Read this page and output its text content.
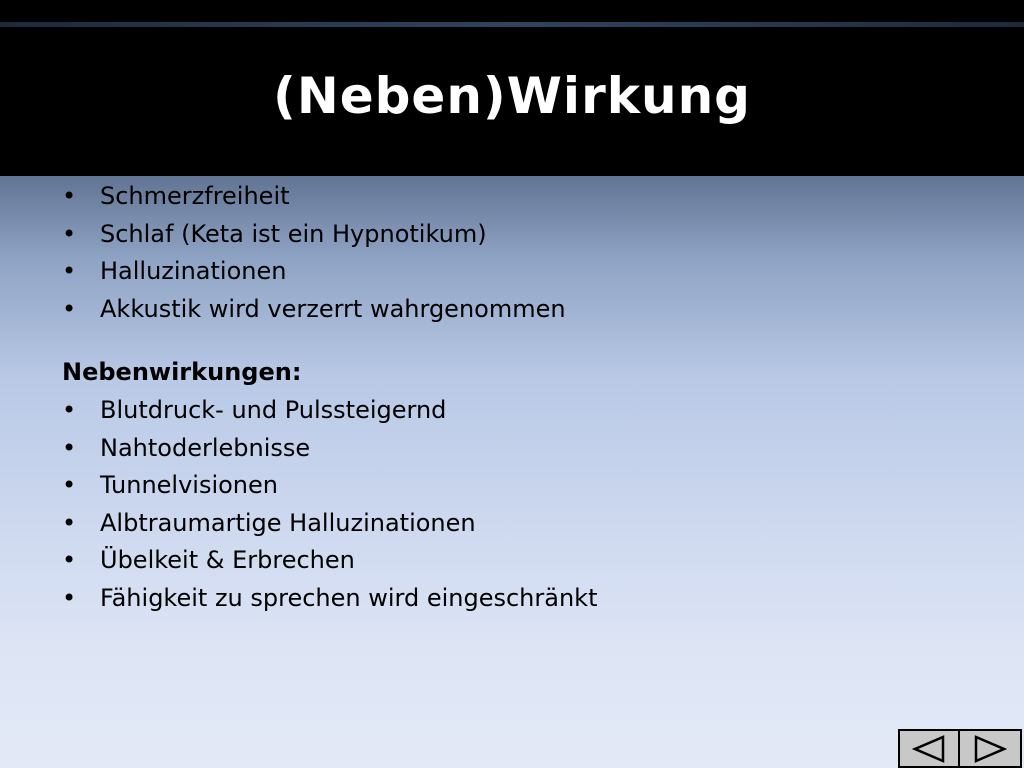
(Neben)Wirkung
• Schmerzfreiheit
• Schlaf (Keta ist ein Hypnotikum)
• Halluzinationen
• Akkustik wird verzerrt wahrgenommen
Nebenwirkungen:
• Blutdruck- und Pulssteigernd
• Nahtoderlebnisse
• Tunnelvisionen
• Albtraumartige Halluzinationen
• Übelkeit & Erbrechen
• Fähigkeit zu sprechen wird eingeschränkt
